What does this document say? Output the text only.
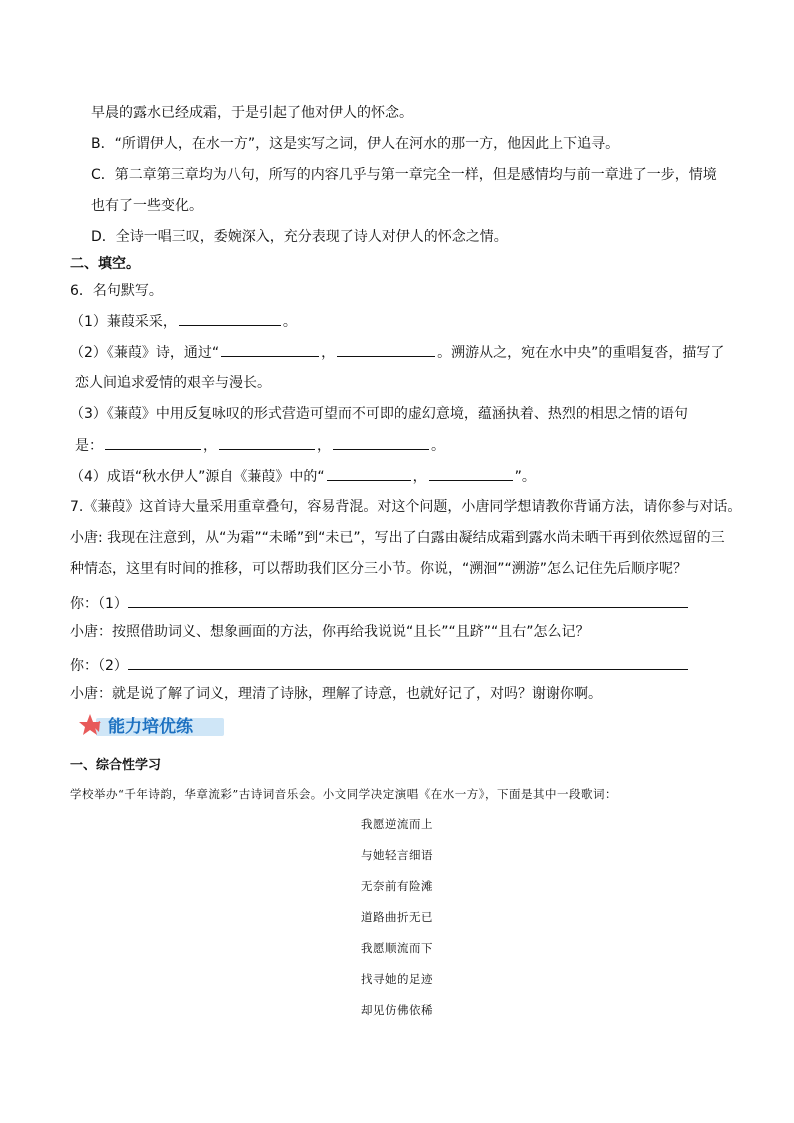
早晨的露水已经成霜，于是引起了他对伊人的怀念。
B．“所谓伊人，在水一方”，这是实写之词，伊人在河水的那一方，他因此上下追寻。
C．第二章第三章均为八句，所写的内容几乎与第一章完全一样，但是感情均与前一章进了一步，情境
也有了一些变化。
D．全诗一唱三叹，委婉深入，充分表现了诗人对伊人的怀念之情。
二、填空。
6．名句默写。
（1）蒹葭采采，	。
（2）《蒹葭》诗，通过“	，	。溯游从之，宛在水中央”的重唱复沓，描写了
恋人间追求爱情的艰辛与漫长。
（3）《蒹葭》中用反复咏叹的形式营造可望而不可即的虚幻意境，蕴涵执着、热烈的相思之情的语句
是：	，	，	。
（4）成语“秋水伊人”源自《蒹葭》中的“	，	”。
7.《蒹葭》这首诗大量采用重章叠句，容易背混。对这个问题，小唐同学想请教你背诵方法，请你参与对话。
小唐: 我现在注意到，从“为霜”“未晞”到“未已”，写出了白露由凝结成霜到露水尚未晒干再到依然逗留的三
种情态，这里有时间的推移，可以帮助我们区分三小节。你说，“溯洄”“溯游”怎么记住先后顺序呢？
你：（1）
小唐：按照借助词义、想象画面的方法，你再给我说说“且长”“且跻”“且右”怎么记？
你：（2）
小唐：就是说了解了词义，理清了诗脉，理解了诗意，也就好记了，对吗？谢谢你啊。
能力培优练
一、综合性学习
学校举办“千年诗韵，华章流彩”古诗词音乐会。小文同学决定演唱《在水一方》，下面是其中一段歌词：
我愿逆流而上
与她轻言细语
无奈前有险滩
道路曲折无已
我愿顺流而下
找寻她的足迹
却见仿佛依稀
